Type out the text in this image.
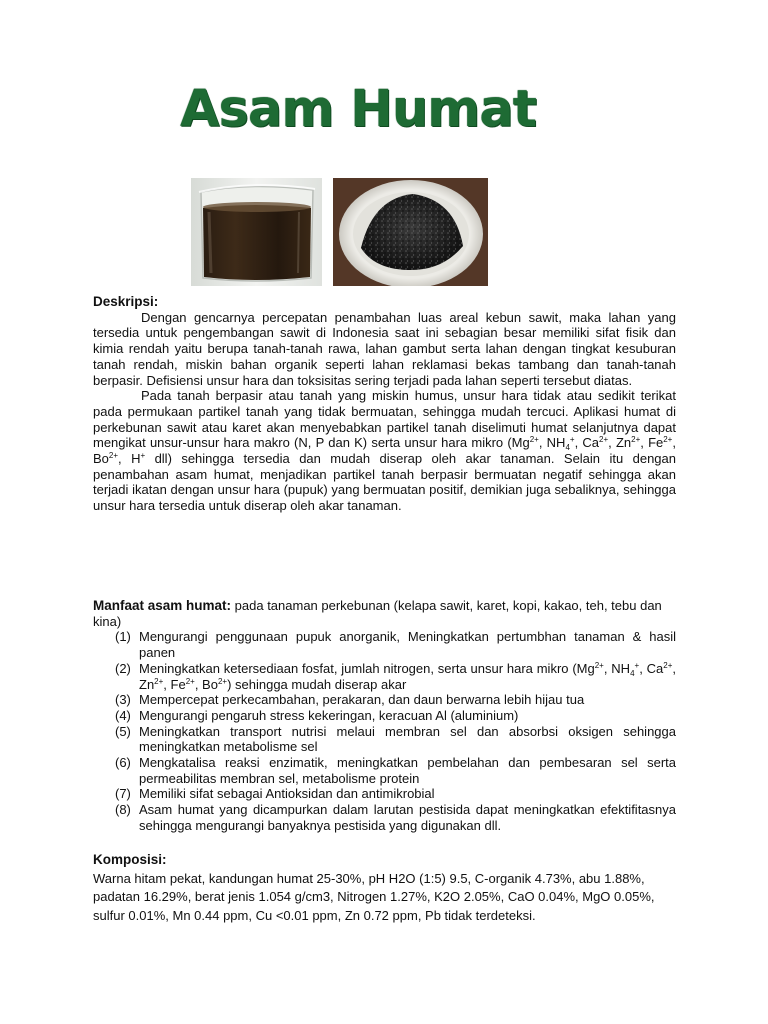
Asam Humat
Deskripsi:

Dengan gencarnya percepatan penambahan luas areal kebun sawit, maka lahan yang tersedia untuk pengembangan sawit di Indonesia saat ini sebagian besar memiliki sifat fisik dan kimia rendah yaitu berupa tanah-tanah rawa, lahan gambut serta lahan dengan tingkat kesuburan tanah rendah, miskin bahan organik seperti lahan reklamasi bekas tambang dan tanah-tanah berpasir. Defisiensi unsur hara dan toksisitas sering terjadi pada lahan seperti tersebut diatas.

Pada tanah berpasir atau tanah yang miskin humus, unsur hara tidak atau sedikit terikat pada permukaan partikel tanah yang tidak bermuatan, sehingga mudah tercuci. Aplikasi humat di perkebunan sawit atau karet akan menyebabkan partikel tanah diselimuti humat selanjutnya dapat mengikat unsur-unsur hara makro (N, P dan K) serta unsur hara mikro ($Mg^{2+}$, $NH_4^+$, $Ca^{2+}$, $Zn^{2+}$, $Fe^{2+}$, $Bo^{2+}$, H+ dll) sehingga tersedia dan mudah diserap oleh akar tanaman. Selain itu dengan penambahan asam humat, menjadikan partikel tanah berpasir bermuatan negatif sehingga akan terjadi ikatan dengan unsur hara (pupuk) yang bermuatan positif, demikian juga sebaliknya, sehingga unsur hara tersedia untuk diserap oleh akar tanaman.

Manfaat asam humat: pada tanaman perkebunan (kelapa sawit, karet, kopi, kakao, teh, tebu dan kina)

(1) Mengurangi penggunaan pupuk anorganik, Meningkatkan pertumbhan tanaman & hasil panen
(2) Meningkatkan ketersediaan fosfat, jumlah nitrogen, serta unsur hara mikro ($Mg^{2+}$, $NH_4^+$, $Ca^{2+}$, $Zn^{2+}$, $Fe^{2+}$, $Bo^{2+}$) sehingga mudah diserap akar
(3) Mempercepat perkecambahan, perakaran, dan daun berwarna lebih hijau tua
(4) Mengurangi pengaruh stress kekeringan, keracuan Al (aluminium)
(5) Meningkatkan transport nutrisi melaui membran sel dan absorbsi oksigen sehingga meningkatkan metabolisme sel
(6) Mengkatalisa reaksi enzimatik, meningkatkan pembelahan dan pembesaran sel serta permeabilitas membran sel, metabolisme protein
(7) Memiliki sifat sebagai Antioksidan dan antimikrobial
(8) Asam humat yang dicampurkan dalam larutan pestisida dapat meningkatkan efektifitasnya sehingga mengurangi banyaknya pestisida yang digunakan dll.
Komposisi:

Warna hitam pekat, kandungan humat 25-30%, pH H2O (1:5) 9.5, C-organik 4.73%, abu 1.88%, padatan 16.29%, berat jenis 1.054 g/cm3, Nitrogen 1.27%, K2O 2.05%, CaO 0.04%, MgO 0.05%, sulfur 0.01%, Mn 0.44 ppm, Cu <0.01 ppm, Zn 0.72 ppm, Pb tidak terdeteksi.
